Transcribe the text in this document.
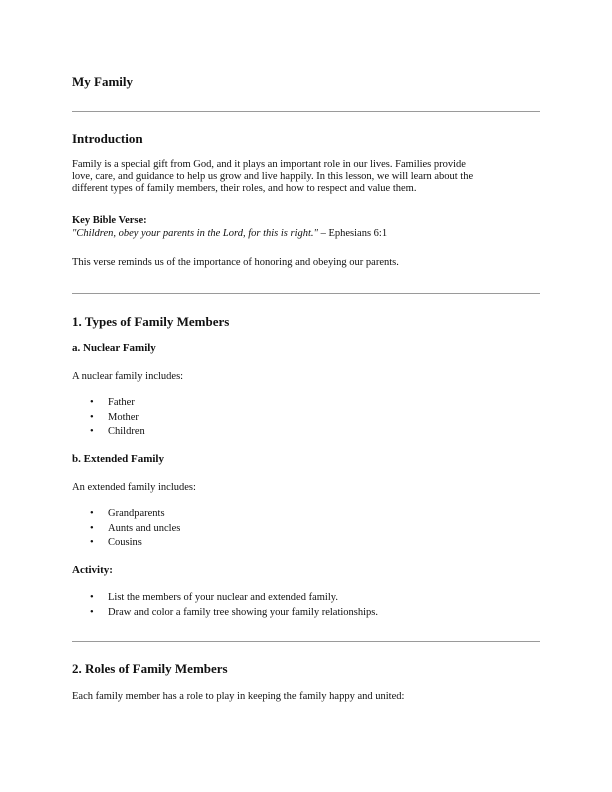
My Family
Introduction
Family is a special gift from God, and it plays an important role in our lives. Families provide
love, care, and guidance to help us grow and live happily. In this lesson, we will learn about the
different types of family members, their roles, and how to respect and value them.
Key Bible Verse:
"Children, obey your parents in the Lord, for this is right." – Ephesians 6:1
This verse reminds us of the importance of honoring and obeying our parents.
1. Types of Family Members
a. Nuclear Family
A nuclear family includes:
• Father
• Mother
• Children
b. Extended Family
An extended family includes:
• Grandparents
• Aunts and uncles
• Cousins
Activity:
• List the members of your nuclear and extended family.
• Draw and color a family tree showing your family relationships.
2. Roles of Family Members
Each family member has a role to play in keeping the family happy and united:
